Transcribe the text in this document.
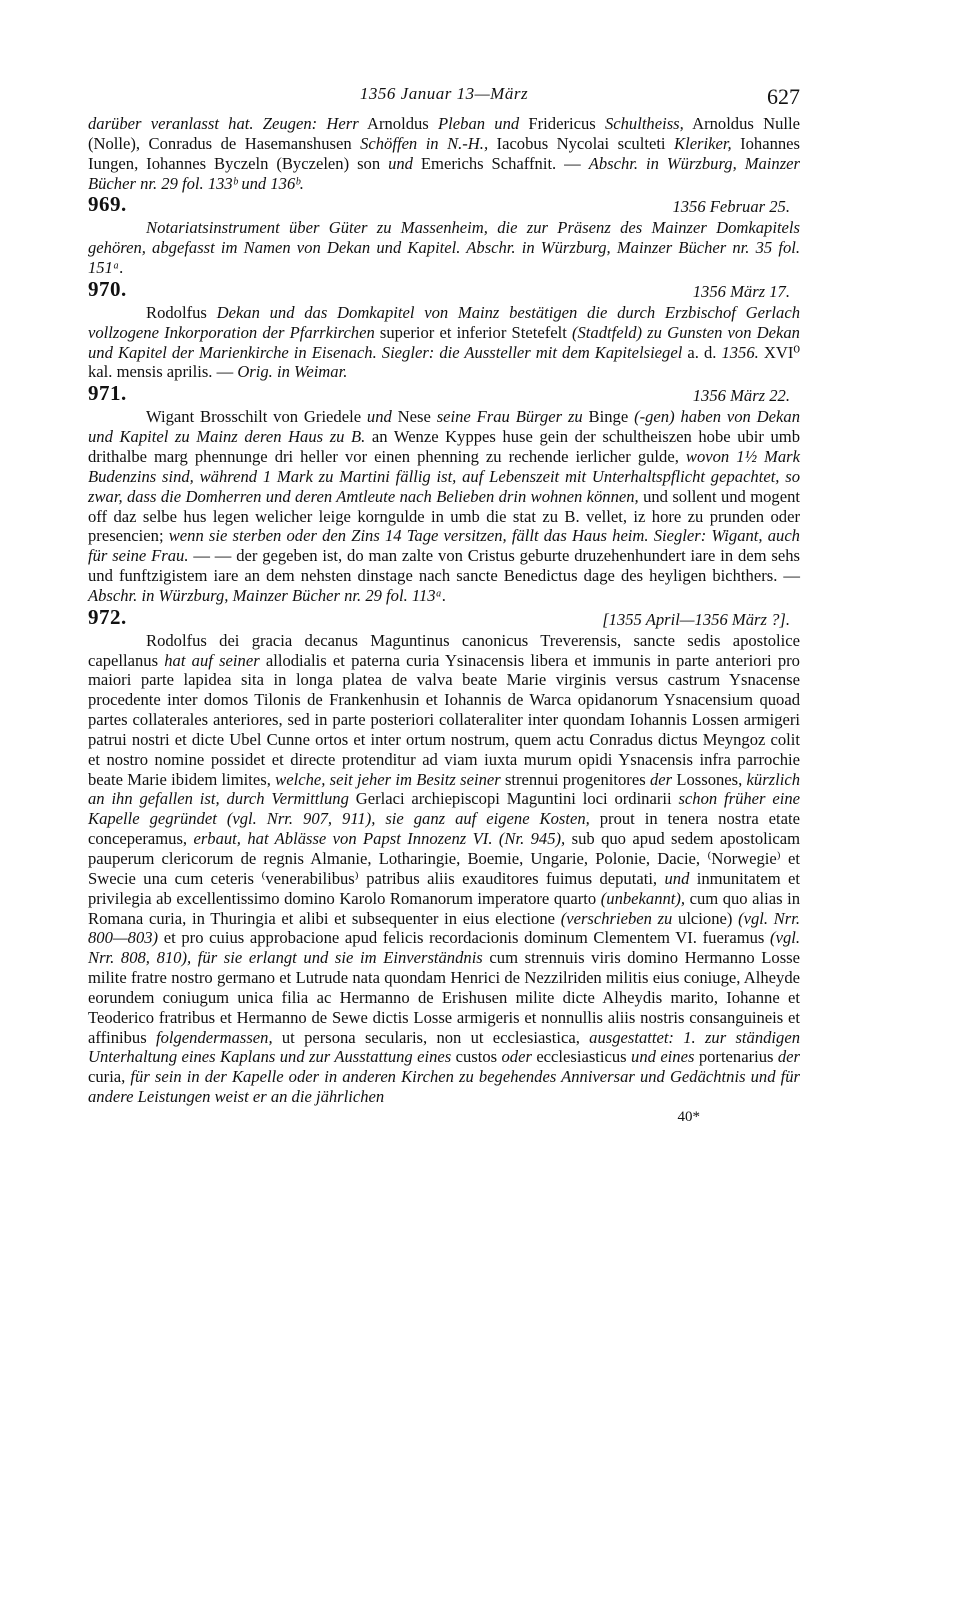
1356 Januar 13—März	627

darüber veranlasst hat. Zeugen: Herr Arnoldus Pleban und Fridericus Schultheiss, Arnoldus Nulle (Nolle), Conradus de Hasemanshusen Schöffen in N.-H., Iacobus Nycolai sculteti Kleriker, Iohannes Iungen, Iohannes Byczeln (Byczelen) son und Emerichs Schaffnit. — Abschr. in Würzburg, Mainzer Bücher nr. 29 fol. 133ᵇ und 136ᵇ.

969.	1356 Februar 25.

Notariatsinstrument über Güter zu Massenheim, die zur Präsenz des Mainzer Domkapitels gehören, abgefasst im Namen von Dekan und Kapitel. Abschr. in Würzburg, Mainzer Bücher nr. 35 fol. 151ᵃ.

970.	1356 März 17.

Rodolfus Dekan und das Domkapitel von Mainz bestätigen die durch Erzbischof Gerlach vollzogene Inkorporation der Pfarrkirchen superior et inferior Stetefelt (Stadtfeld) zu Gunsten von Dekan und Kapitel der Marienkirche in Eisenach. Siegler: die Aussteller mit dem Kapitelsiegel a. d. 1356. XVI⁰ kal. mensis aprilis. — Orig. in Weimar.

971.	1356 März 22.

Wigant Brosschilt von Griedele und Nese seine Frau Bürger zu Binge (-gen) haben von Dekan und Kapitel zu Mainz deren Haus zu B. an Wenze Kyppes huse gein der schultheiszen hobe ubir umb drithalbe marg phennunge dri heller vor einen phenning zu rechende ierlicher gulde, wovon 1½ Mark Budenzins sind, während 1 Mark zu Martini fällig ist, auf Lebenszeit mit Unterhaltspflicht gepachtet, so zwar, dass die Domherren und deren Amtleute nach Belieben drin wohnen können, und sollent und mogent off daz selbe hus legen welicher leige korngulde in umb die stat zu B. vellet, iz hore zu prunden oder presencien; wenn sie sterben oder den Zins 14 Tage versitzen, fällt das Haus heim. Siegler: Wigant, auch für seine Frau. — — der gegeben ist, do man zalte von Cristus geburte druzehenhundert iare in dem sehs und funftzigistem iare an dem nehsten dinstage nach sancte Benedictus dage des heyligen bichthers. — Abschr. in Würzburg, Mainzer Bücher nr. 29 fol. 113ᵃ.

972.	[1355 April—1356 März ?].

Rodolfus dei gracia decanus Maguntinus canonicus Treverensis, sancte sedis apostolice capellanus hat auf seiner allodialis et paterna curia Ysinacensis libera et immunis in parte anteriori pro maiori parte lapidea sita in longa platea de valva beate Marie virginis versus castrum Ysnacense procedente inter domos Tilonis de Frankenhusin et Iohannis de Warca opidanorum Ysnacensium quoad partes collaterales anteriores, sed in parte posteriori collateraliter inter quondam Iohannis Lossen armigeri patrui nostri et dicte Ubel Cunne ortos et inter ortum nostrum, quem actu Conradus dictus Meyngoz colit et nostro nomine possidet et directe protenditur ad viam iuxta murum opidi Ysnacensis infra parrochie beate Marie ibidem limites, welche, seit jeher im Besitz seiner strennui progenitores der Lossones, kürzlich an ihn gefallen ist, durch Vermittlung Gerlaci archiepiscopi Maguntini loci ordinarii schon früher eine Kapelle gegründet (vgl. Nrr. 907, 911), sie ganz auf eigene Kosten, prout in tenera nostra etate conceperamus, erbaut, hat Ablässe von Papst Innozenz VI. (Nr. 945), sub quo apud sedem apostolicam pauperum clericorum de regnis Almanie, Lotharingie, Boemie, Ungarie, Polonie, Dacie, ⁽Norwegie⁾ et Swecie una cum ceteris ⁽venerabilibus⁾ patribus aliis exauditores fuimus deputati, und inmunitatem et privilegia ab excellentissimo domino Karolo Romanorum imperatore quarto (unbekannt), cum quo alias in Romana curia, in Thuringia et alibi et subsequenter in eius electione (verschrieben zu ulcione) (vgl. Nrr. 800—803) et pro cuius approbacione apud felicis recordacionis dominum Clementem VI. fueramus (vgl. Nrr. 808, 810), für sie erlangt und sie im Einverständnis cum strennuis viris domino Hermanno Losse milite fratre nostro germano et Lutrude nata quondam Henrici de Nezzilriden militis eius coniuge, Alheyde eorundem coniugum unica filia ac Hermanno de Erishusen milite dicte Alheydis marito, Iohanne et Teoderico fratribus et Hermanno de Sewe dictis Losse armigeris et nonnullis aliis nostris consanguineis et affinibus folgendermassen, ut persona secularis, non ut ecclesiastica, ausgestattet: 1. zur ständigen Unterhaltung eines Kaplans und zur Ausstattung eines custos oder ecclesiasticus und eines portenarius der curia, für sein in der Kapelle oder in anderen Kirchen zu begehendes Anniversar und Gedächtnis und für andere Leistungen weist er an die jährlichen

40*
